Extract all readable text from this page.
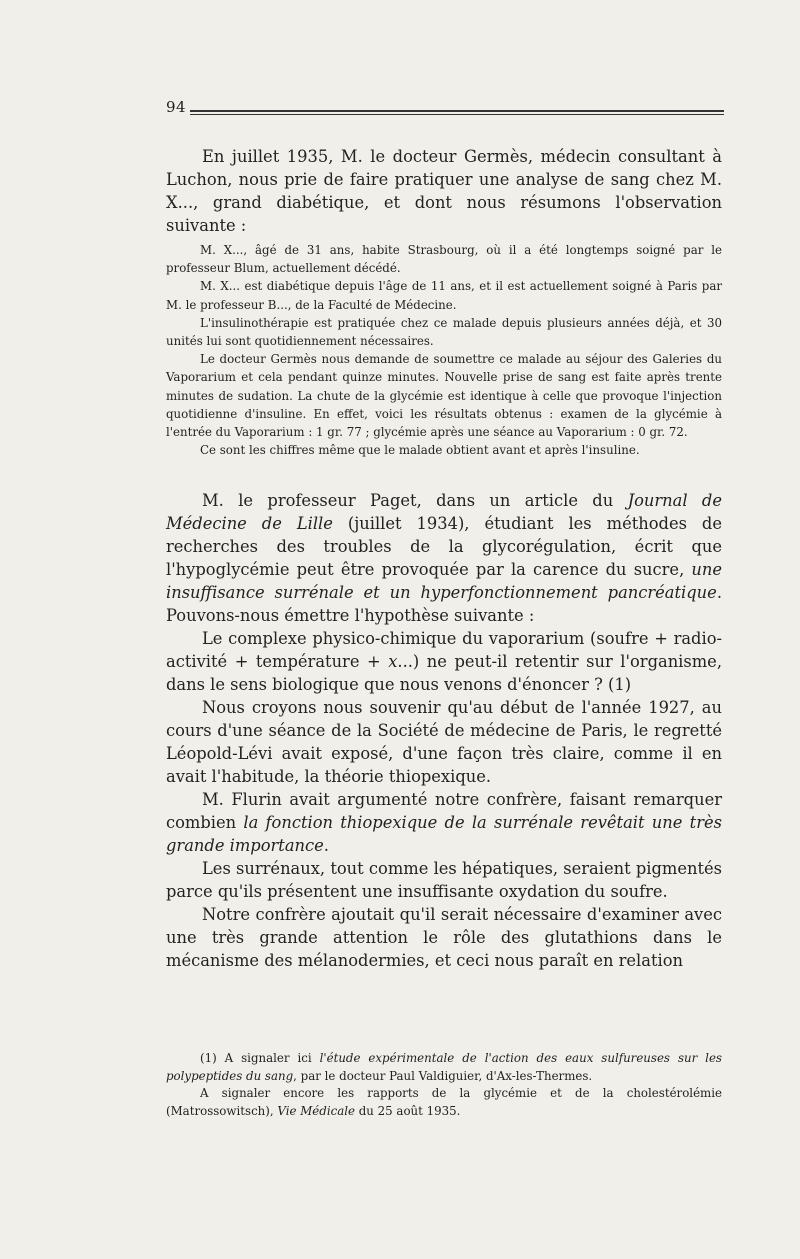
94

En juillet 1935, M. le docteur Germès, médecin consultant à Luchon, nous prie de faire pratiquer une analyse de sang chez M. X..., grand diabétique, et dont nous résumons l'observation suivante :

M. X..., âgé de 31 ans, habite Strasbourg, où il a été longtemps soigné par le professeur Blum, actuellement décédé.

M. X... est diabétique depuis l'âge de 11 ans, et il est actuellement soigné à Paris par M. le professeur B..., de la Faculté de Médecine.

L'insulinothérapie est pratiquée chez ce malade depuis plusieurs années déjà, et 30 unités lui sont quotidiennement nécessaires.

Le docteur Germès nous demande de soumettre ce malade au séjour des Galeries du Vaporarium et cela pendant quinze minutes. Nouvelle prise de sang est faite après trente minutes de sudation. La chute de la glycémie est identique à celle que provoque l'injection quotidienne d'insuline. En effet, voici les résultats obtenus : examen de la glycémie à l'entrée du Vaporarium : 1 gr. 77 ; glycémie après une séance au Vaporarium : 0 gr. 72.

Ce sont les chiffres même que le malade obtient avant et après l'insuline.

M. le professeur Paget, dans un article du Journal de Médecine de Lille (juillet 1934), étudiant les méthodes de recherches des troubles de la glycorégulation, écrit que l'hypoglycémie peut être provoquée par la carence du sucre, une insuffisance surrénale et un hyperfonctionnement pancréatique. Pouvons-nous émettre l'hypothèse suivante :

Le complexe physico-chimique du vaporarium (soufre + radio-activité + température + x...) ne peut-il retentir sur l'organisme, dans le sens biologique que nous venons d'énoncer ? (1)

Nous croyons nous souvenir qu'au début de l'année 1927, au cours d'une séance de la Société de médecine de Paris, le regretté Léopold-Lévi avait exposé, d'une façon très claire, comme il en avait l'habitude, la théorie thiopexique.

M. Flurin avait argumenté notre confrère, faisant remarquer combien la fonction thiopexique de la surrénale revêtait une très grande importance.

Les surrénaux, tout comme les hépatiques, seraient pigmentés parce qu'ils présentent une insuffisante oxydation du soufre.

Notre confrère ajoutait qu'il serait nécessaire d'examiner avec une très grande attention le rôle des glutathions dans le mécanisme des mélanodermies, et ceci nous paraît en relation

(1) A signaler ici l'étude expérimentale de l'action des eaux sulfureuses sur les polypeptides du sang, par le docteur Paul Valdiguier, d'Ax-les-Thermes.

A signaler encore les rapports de la glycémie et de la cholestérolémie (Matrossowitsch), Vie Médicale du 25 août 1935.
